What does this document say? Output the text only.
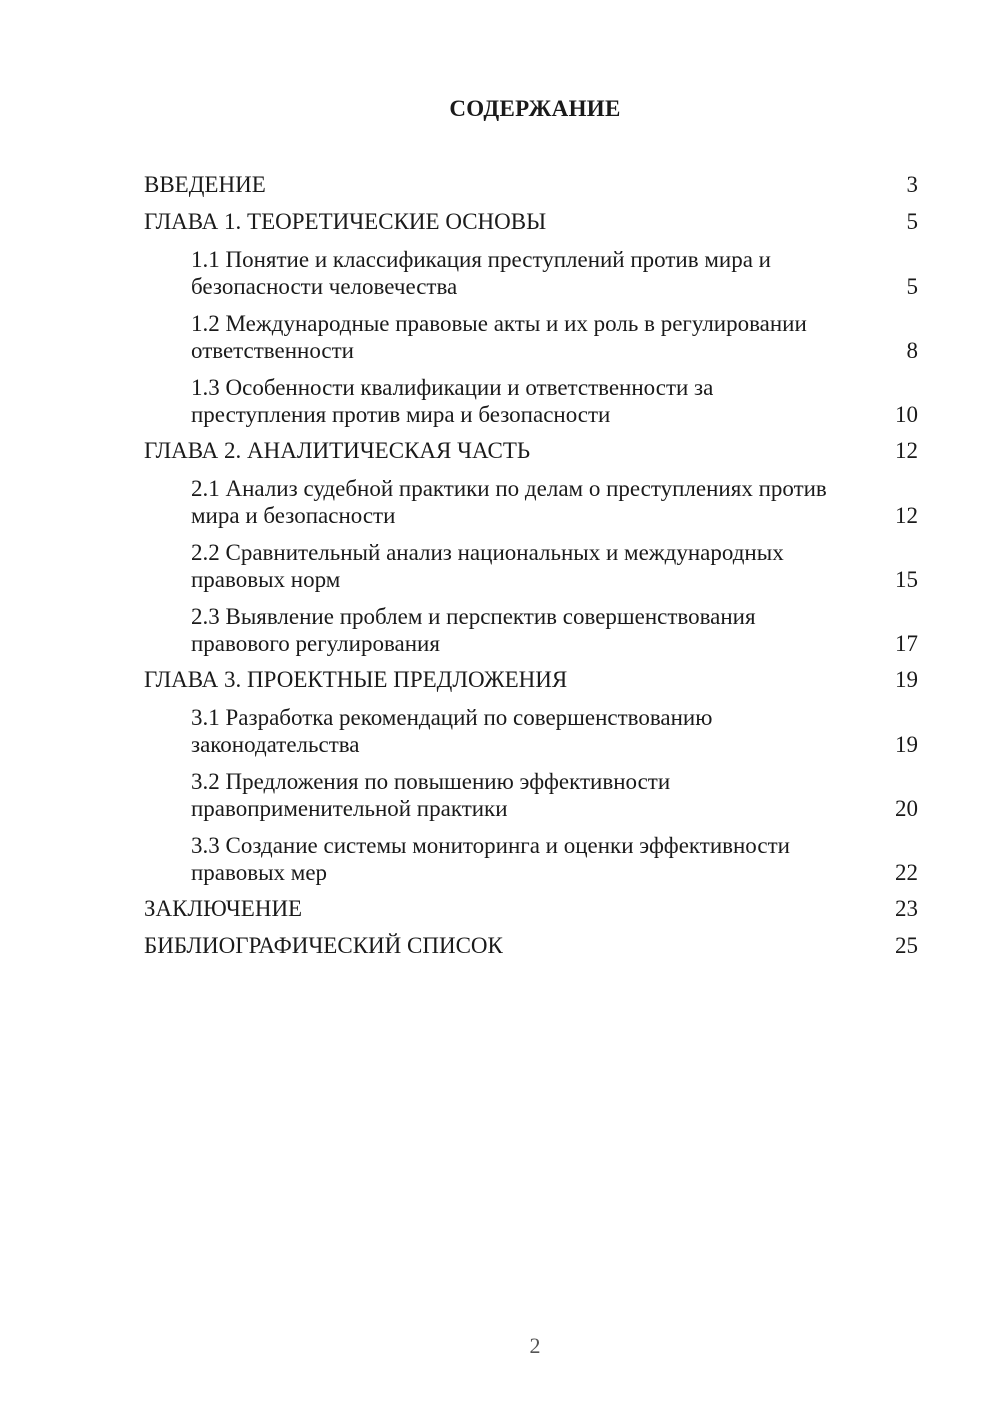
СОДЕРЖАНИЕ
ВВЕДЕНИЕ	3
ГЛАВА 1. ТЕОРЕТИЧЕСКИЕ ОСНОВЫ	5
1.1 Понятие и классификация преступлений против мира и безопасности человечества	5
1.2 Международные правовые акты и их роль в регулировании ответственности	8
1.3 Особенности квалификации и ответственности за преступления против мира и безопасности	10
ГЛАВА 2. АНАЛИТИЧЕСКАЯ ЧАСТЬ	12
2.1 Анализ судебной практики по делам о преступлениях против мира и безопасности	12
2.2 Сравнительный анализ национальных и международных правовых норм	15
2.3 Выявление проблем и перспектив совершенствования правового регулирования	17
ГЛАВА 3. ПРОЕКТНЫЕ ПРЕДЛОЖЕНИЯ	19
3.1 Разработка рекомендаций по совершенствованию законодательства	19
3.2 Предложения по повышению эффективности правоприменительной практики	20
3.3 Создание системы мониторинга и оценки эффективности правовых мер	22
ЗАКЛЮЧЕНИЕ	23
БИБЛИОГРАФИЧЕСКИЙ СПИСОК	25
2
